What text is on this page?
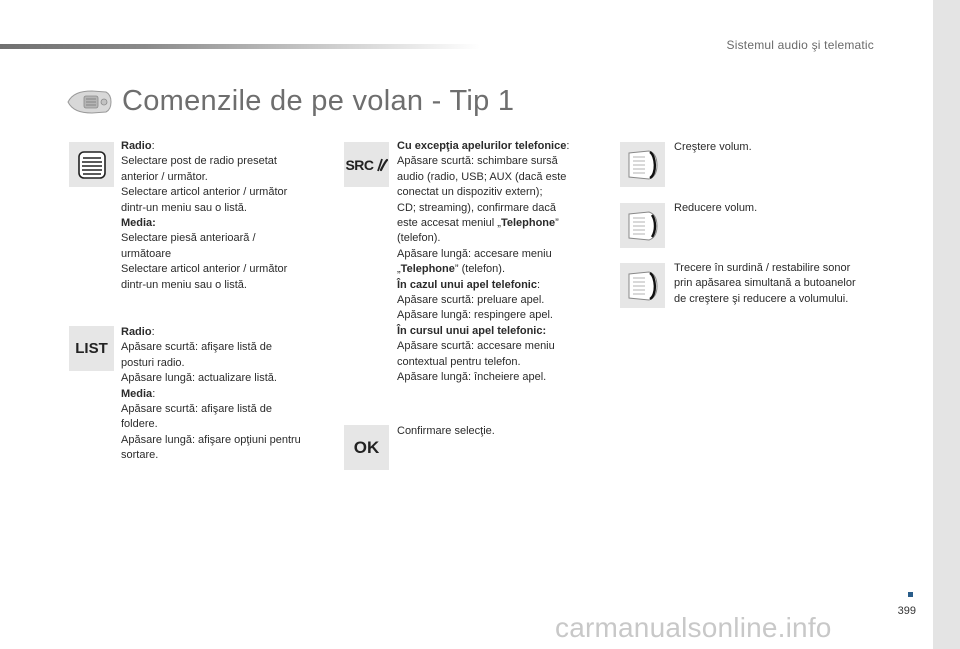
Sistemul audio şi telematic
Comenzile de pe volan - Tip 1
Radio:
Selectare post de radio presetat
anterior / următor.
Selectare articol anterior / următor
dintr-un meniu sau o listă.
Media:
Selectare piesă anterioară /
următoare
Selectare articol anterior / următor
dintr-un meniu sau o listă.
LIST
Radio:
Apăsare scurtă: afişare listă de
posturi radio.
Apăsare lungă: actualizare listă.
Media:
Apăsare scurtă: afişare listă de
foldere.
Apăsare lungă: afişare opţiuni pentru
sortare.
SRC
Cu excepţia apelurilor telefonice:
Apăsare scurtă: schimbare sursă
audio (radio, USB; AUX (dacă este
conectat un dispozitiv extern);
CD; streaming), confirmare dacă
este accesat meniul „Telephone”
(telefon).
Apăsare lungă: accesare meniu
„Telephone” (telefon).
În cazul unui apel telefonic:
Apăsare scurtă: preluare apel.
Apăsare lungă: respingere apel.
În cursul unui apel telefonic:
Apăsare scurtă: accesare meniu
contextual pentru telefon.
Apăsare lungă: încheiere apel.
OK
Confirmare selecţie.
Creştere volum.
Reducere volum.
Trecere în surdină / restabilire sonor
prin apăsarea simultană a butoanelor
de creştere şi reducere a volumului.
399
carmanualsonline.info
